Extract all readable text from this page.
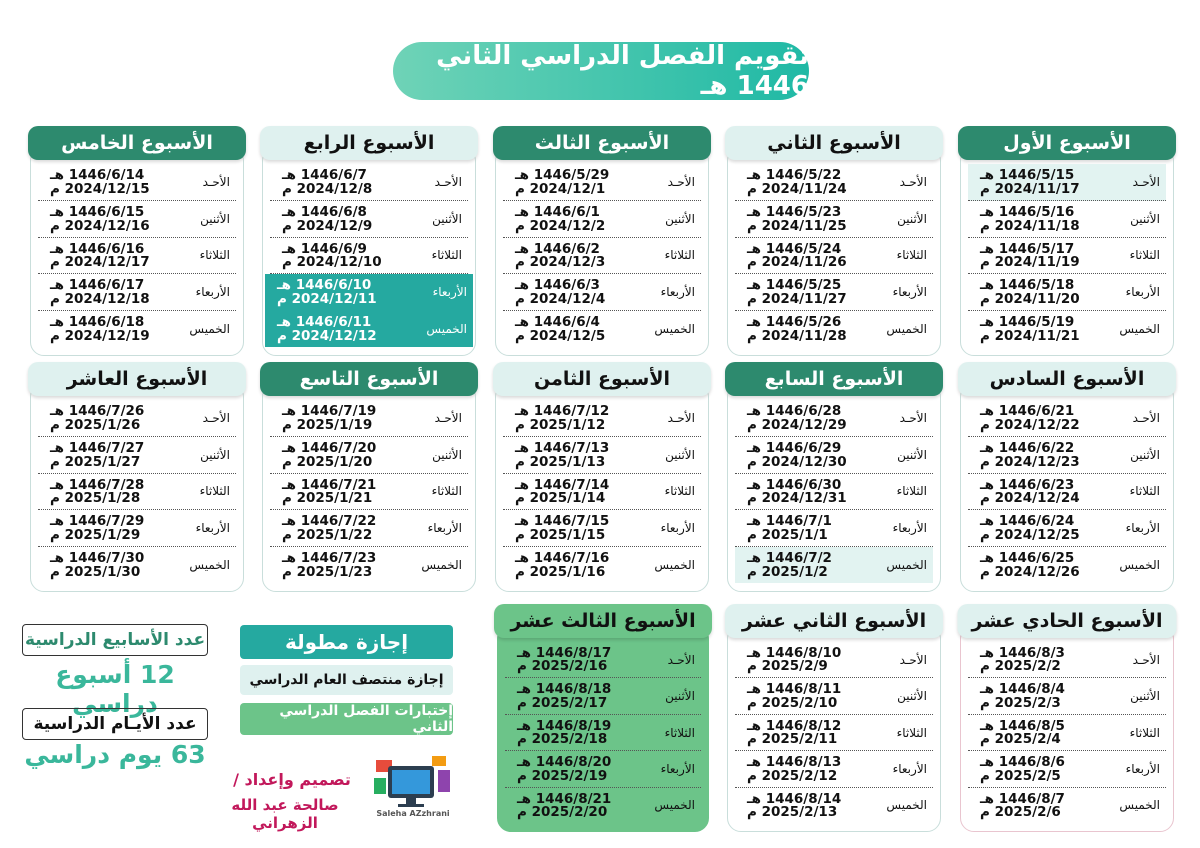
تقويم الفصل الدراسي الثاني 1446 هـ
الأسبوع الأول
الأحـد
1446/5/15 هـ
2024/11/17 م
الأثنين
1446/5/16 هـ
2024/11/18 م
الثلاثاء
1446/5/17 هـ
2024/11/19 م
الأربعاء
1446/5/18 هـ
2024/11/20 م
الخميس
1446/5/19 هـ
2024/11/21 م
الأسبوع الثاني
الأحـد
1446/5/22 هـ
2024/11/24 م
الأثنين
1446/5/23 هـ
2024/11/25 م
الثلاثاء
1446/5/24 هـ
2024/11/26 م
الأربعاء
1446/5/25 هـ
2024/11/27 م
الخميس
1446/5/26 هـ
2024/11/28 م
الأسبوع الثالث
الأحـد
1446/5/29 هـ
2024/12/1 م
الأثنين
1446/6/1 هـ
2024/12/2 م
الثلاثاء
1446/6/2 هـ
2024/12/3 م
الأربعاء
1446/6/3 هـ
2024/12/4 م
الخميس
1446/6/4 هـ
2024/12/5 م
الأسبوع الرابع
الأحـد
1446/6/7 هـ
2024/12/8 م
الأثنين
1446/6/8 هـ
2024/12/9 م
الثلاثاء
1446/6/9 هـ
2024/12/10 م
الأربعاء
1446/6/10 هـ
2024/12/11 م
الخميس
1446/6/11 هـ
2024/12/12 م
الأسبوع الخامس
الأحـد
1446/6/14 هـ
2024/12/15 م
الأثنين
1446/6/15 هـ
2024/12/16 م
الثلاثاء
1446/6/16 هـ
2024/12/17 م
الأربعاء
1446/6/17 هـ
2024/12/18 م
الخميس
1446/6/18 هـ
2024/12/19 م
الأسبوع السادس
الأحـد
1446/6/21 هـ
2024/12/22 م
الأثنين
1446/6/22 هـ
2024/12/23 م
الثلاثاء
1446/6/23 هـ
2024/12/24 م
الأربعاء
1446/6/24 هـ
2024/12/25 م
الخميس
1446/6/25 هـ
2024/12/26 م
الأسبوع السابع
الأحـد
1446/6/28 هـ
2024/12/29 م
الأثنين
1446/6/29 هـ
2024/12/30 م
الثلاثاء
1446/6/30 هـ
2024/12/31 م
الأربعاء
1446/7/1 هـ
2025/1/1 م
الخميس
1446/7/2 هـ
2025/1/2 م
الأسبوع الثامن
الأحـد
1446/7/12 هـ
2025/1/12 م
الأثنين
1446/7/13 هـ
2025/1/13 م
الثلاثاء
1446/7/14 هـ
2025/1/14 م
الأربعاء
1446/7/15 هـ
2025/1/15 م
الخميس
1446/7/16 هـ
2025/1/16 م
الأسبوع التاسع
الأحـد
1446/7/19 هـ
2025/1/19 م
الأثنين
1446/7/20 هـ
2025/1/20 م
الثلاثاء
1446/7/21 هـ
2025/1/21 م
الأربعاء
1446/7/22 هـ
2025/1/22 م
الخميس
1446/7/23 هـ
2025/1/23 م
الأسبوع العاشر
الأحـد
1446/7/26 هـ
2025/1/26 م
الأثنين
1446/7/27 هـ
2025/1/27 م
الثلاثاء
1446/7/28 هـ
2025/1/28 م
الأربعاء
1446/7/29 هـ
2025/1/29 م
الخميس
1446/7/30 هـ
2025/1/30 م
الأسبوع الحادي عشر
الأحـد
1446/8/3 هـ
2025/2/2 م
الأثنين
1446/8/4 هـ
2025/2/3 م
الثلاثاء
1446/8/5 هـ
2025/2/4 م
الأربعاء
1446/8/6 هـ
2025/2/5 م
الخميس
1446/8/7 هـ
2025/2/6 م
الأسبوع الثاني عشر
الأحـد
1446/8/10 هـ
2025/2/9 م
الأثنين
1446/8/11 هـ
2025/2/10 م
الثلاثاء
1446/8/12 هـ
2025/2/11 م
الأربعاء
1446/8/13 هـ
2025/2/12 م
الخميس
1446/8/14 هـ
2025/2/13 م
الأسبوع الثالث عشر
الأحـد
1446/8/17 هـ
2025/2/16 م
الأثنين
1446/8/18 هـ
2025/2/17 م
الثلاثاء
1446/8/19 هـ
2025/2/18 م
الأربعاء
1446/8/20 هـ
2025/2/19 م
الخميس
1446/8/21 هـ
2025/2/20 م
عدد الأسابيع الدراسية
12 أسبوع دراسي
عدد الأيـام الدراسية
63 يوم دراسي
إجازة مطولة
إجازة منتصف العام الدراسي
إختبارات الفصل الدراسي الثاني
تصميم وإعداد /
صالحة عبد الله الزهراني
Saleha AZzhrani
